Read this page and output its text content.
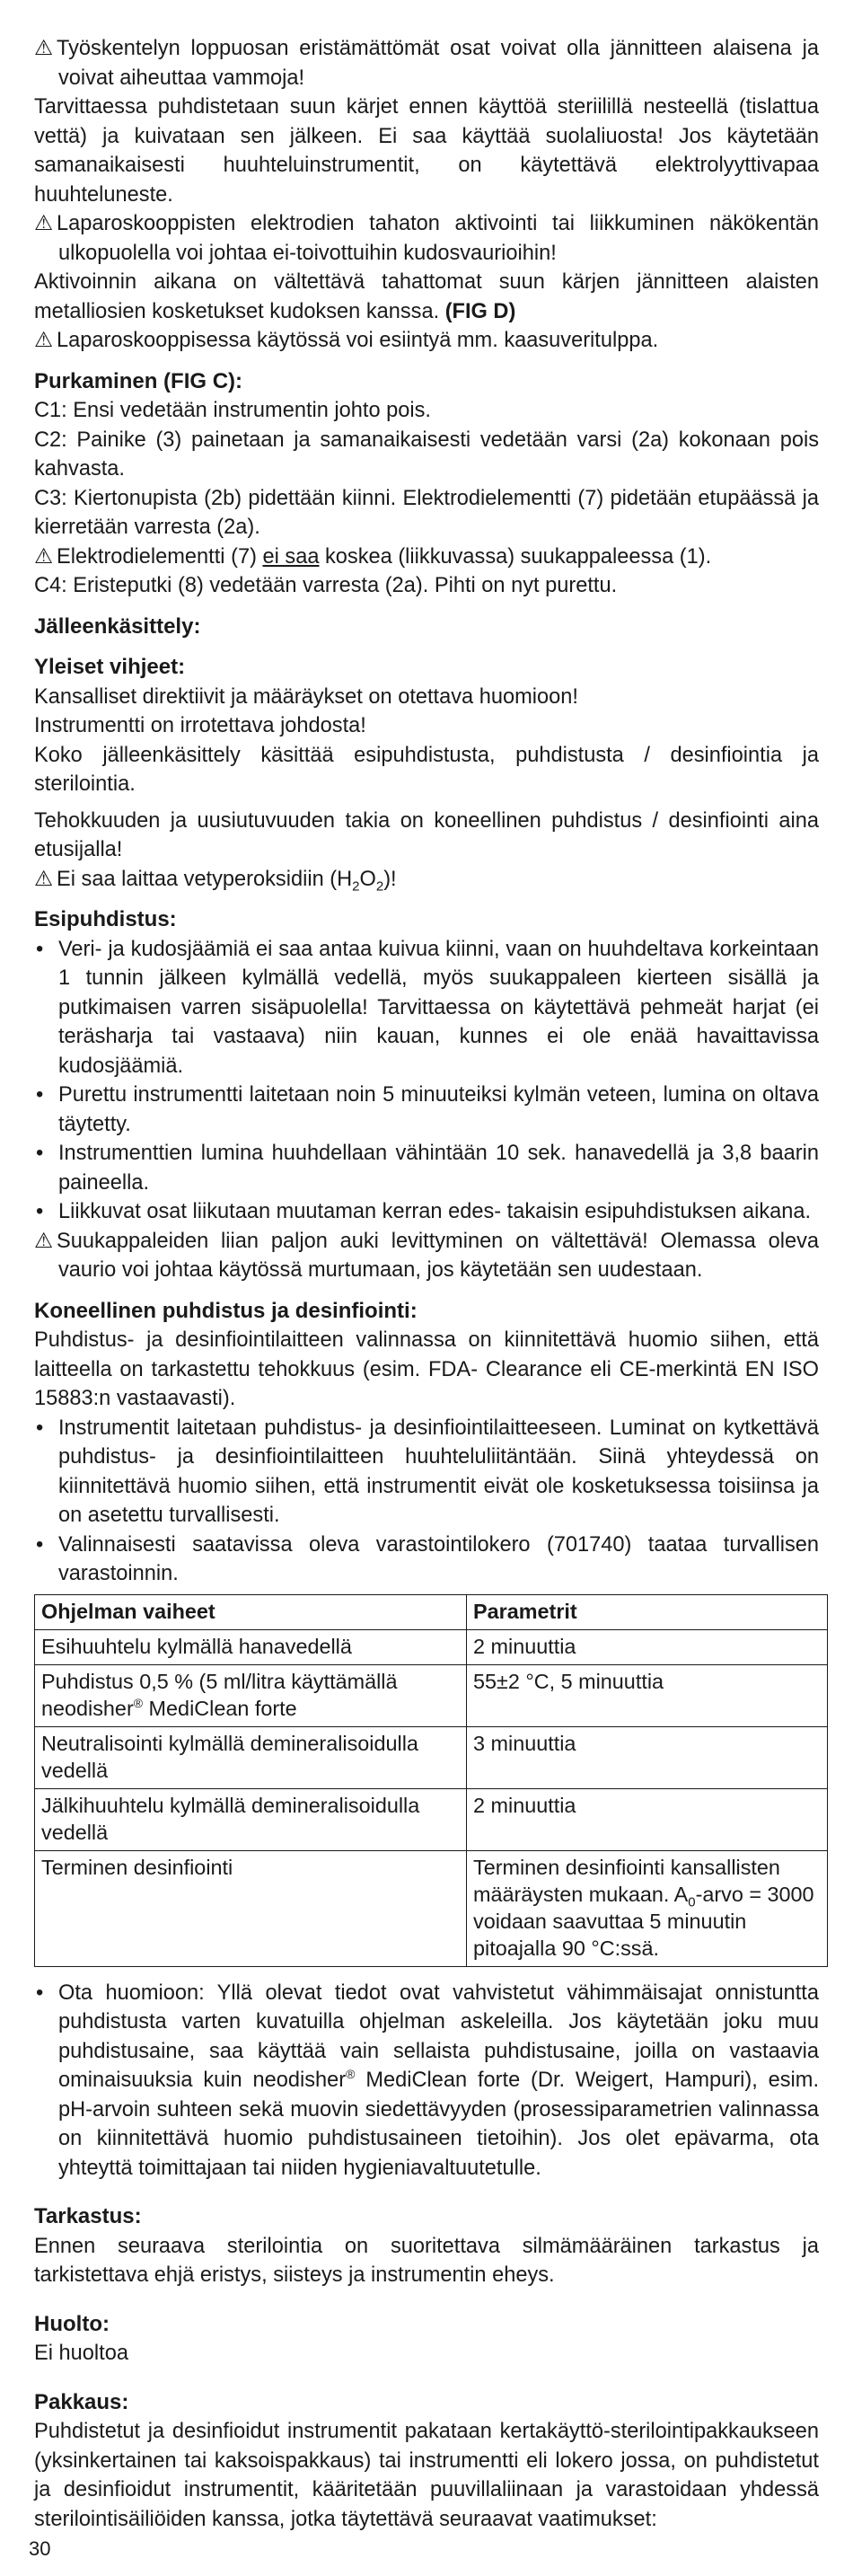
⚠ Työskentelyn loppuosan eristämättömät osat voivat olla jännitteen alaisena ja voivat aiheuttaa vammoja!

Tarvittaessa puhdistetaan suun kärjet ennen käyttöä steriilillä nesteellä (tislattua vettä) ja kuivataan sen jälkeen. Ei saa käyttää suolaliuosta! Jos käytetään samanaikaisesti huuhteluinstrumentit, on käytettävä elektrolyyttivapaa huuhteluneste.

⚠ Laparoskooppisten elektrodien tahaton aktivointi tai liikkuminen näkökentän ulkopuolella voi johtaa ei-toivottuihin kudosvaurioihin!

Aktivoinnin aikana on vältettävä tahattomat suun kärjen jännitteen alaisten metalliosien kosketukset kudoksen kanssa. (FIG D)

⚠ Laparoskooppisessa käytössä voi esiintyä mm. kaasuveritulppa.

Purkaminen (FIG C):

C1: Ensi vedetään instrumentin johto pois.

C2: Painike (3) painetaan ja samanaikaisesti vedetään varsi (2a) kokonaan pois kahvasta.

C3: Kiertonupista (2b) pidettään kiinni. Elektrodielementti (7) pidetään etupäässä ja kierretään varresta (2a).

⚠ Elektrodielementti (7) ei saa koskea (liikkuvassa) suukappaleessa (1).

C4: Eristeputki (8) vedetään varresta (2a). Pihti on nyt purettu.

Jälleenkäsittely:
Yleiset vihjeet:

Kansalliset direktiivit ja määräykset on otettava huomioon!

Instrumentti on irrotettava johdosta!

Koko jälleenkäsittely käsittää esipuhdistusta, puhdistusta / desinfiointia ja sterilointia.

Tehokkuuden ja uusiutuvuuden takia on koneellinen puhdistus / desinfiointi aina etusijalla!

⚠ Ei saa laittaa vetyperoksidiin $(H_2O_2)$!

Esipuhdistus:
• Veri- ja kudosjäämiä ei saa antaa kuivua kiinni, vaan on huuhdeltava korkeintaan 1 tunnin jälkeen kylmällä vedellä, myös suukappaleen kierteen sisällä ja putkimaisen varren sisäpuolella! Tarvittaessa on käytettävä pehmeät harjat (ei teräsharja tai vastaava) niin kauan, kunnes ei ole enää havaittavissa kudosjäämiä.
• Purettu instrumentti laitetaan noin 5 minuuteiksi kylmän veteen, lumina on oltava täytetty.
• Instrumenttien lumina huuhdellaan vähintään 10 sek. hanavedellä ja 3,8 baarin paineella.
• Liikkuvat osat liikutaan muutaman kerran edes- takaisin esipuhdistuksen aikana.

⚠ Suukappaleiden liian paljon auki levittyminen on vältettävä! Olemassa oleva vaurio voi johtaa käytössä murtumaan, jos käytetään sen uudestaan.

Koneellinen puhdistus ja desinfiointi:

Puhdistus- ja desinfiointilaitteen valinnassa on kiinnitettävä huomio siihen, että laitteella on tarkastettu tehokkuus (esim. FDA- Clearance eli CE-merkintä EN ISO 15883:n vastaavasti).

• Instrumentit laitetaan puhdistus- ja desinfiointilaitteeseen. Luminat on kytkettävä puhdistus- ja desinfiointilaitteen huuhteluliitäntään. Siinä yhteydessä on kiinnitettävä huomio siihen, että instrumentit eivät ole kosketuksessa toisiinsa ja on asetettu turvallisesti.
• Valinnaisesti saatavissa oleva varastointilokero (701740) taataa turvallisen varastoinnin.
Ohjelman vaiheet	Parametrit
Esihuuhtelu kylmällä hanavedellä	2 minuuttia
Puhdistus 0,5 % (5 ml/litra käyttämällä neodisher® MediClean forte	55±2 °C, 5 minuuttia
Neutralisointi kylmällä demineralisoidulla vedellä	3 minuuttia
Jälkihuuhtelu kylmällä demineralisoidulla vedellä	2 minuuttia
Terminen desinfiointi	Terminen desinfiointi kansallisten määräysten mukaan. $A_0$-arvo = 3000 voidaan saavuttaa 5 minuutin pitoajalla 90 °C:ssä.
• Ota huomioon: Yllä olevat tiedot ovat vahvistetut vähimmäisajat onnistuntta puhdistusta varten kuvatuilla ohjelman askeleilla. Jos käytetään joku muu puhdistusaine, saa käyttää vain sellaista puhdistusaine, joilla on vastaavia ominaisuuksia kuin neodisher® MediClean forte (Dr. Weigert, Hampuri), esim. pH-arvoin suhteen sekä muovin siedettävyyden (prosessiparametrien valinnassa on kiinnitettävä huomio puhdistusaineen tietoihin). Jos olet epävarma, ota yhteyttä toimittajaan tai niiden hygieniavaltuutetulle.
Tarkastus:

Ennen seuraava sterilointia on suoritettava silmämääräinen tarkastus ja tarkistettava ehjä eristys, siisteys ja instrumentin eheys.

Huolto:

Ei huoltoa

Pakkaus:

Puhdistetut ja desinfioidut instrumentit pakataan kertakäyttö-sterilointipakkaukseen (yksinkertainen tai kaksoispakkaus) tai instrumentti eli lokero jossa, on puhdistetut ja desinfioidut instrumentit, kääritetään puuvillaliinaan ja varastoidaan yhdessä sterilointisäiliöiden kanssa, jotka täytettävä seuraavat vaatimukset:

30
